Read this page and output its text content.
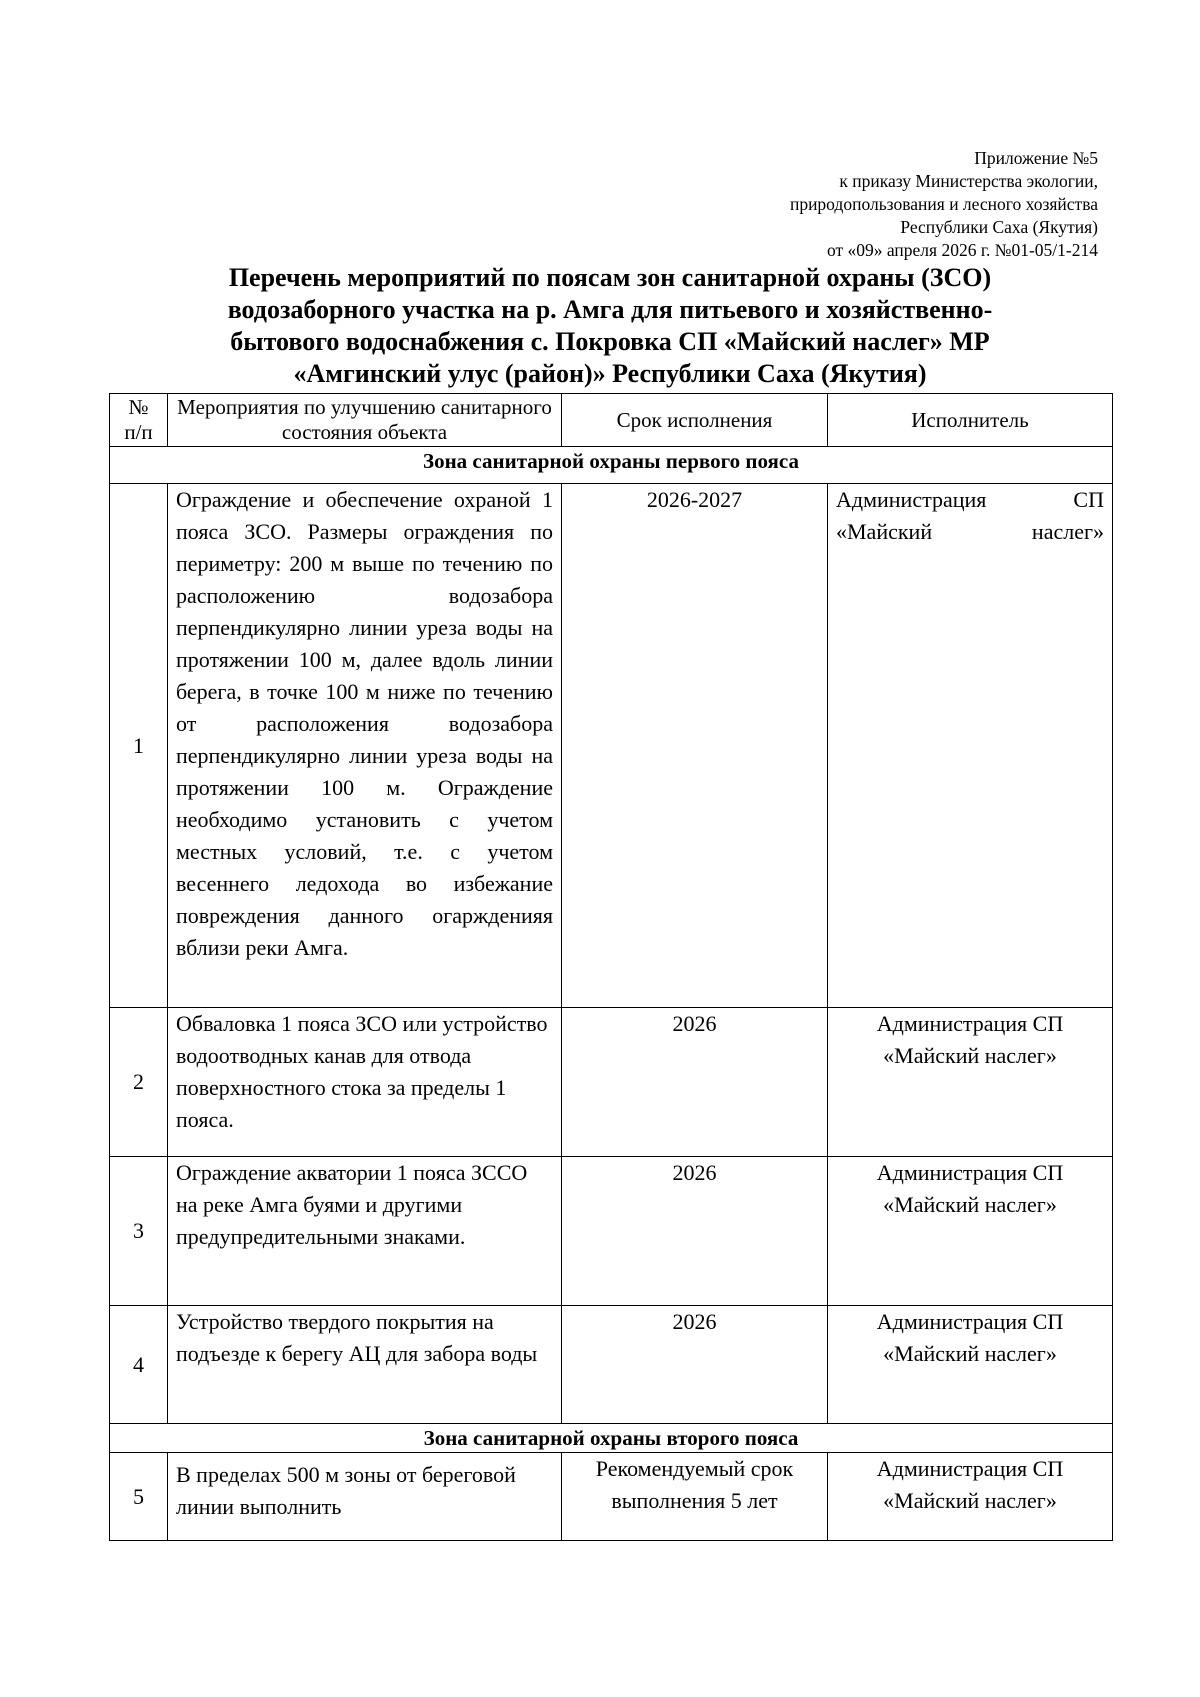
Приложение №5
к приказу Министерства экологии,
природопользования и лесного хозяйства
Республики Саха (Якутия)
от «09» апреля 2026 г. №01-05/1-214
Перечень мероприятий по поясам зон санитарной охраны (ЗСО)
водозаборного участка на р. Амга для питьевого и хозяйственно-
бытового водоснабжения с. Покровка СП «Майский наслег» МР
«Амгинский улус (район)» Республики Саха (Якутия)
№ п/п	Мероприятия по улучшению санитарного состояния объекта	Срок исполнения	Исполнитель
Зона санитарной охраны первого пояса			
1	Ограждение и обеспечение охраной 1 пояса ЗСО. Размеры ограждения по периметру: 200 м выше по течению по расположению водозабора перпендикулярно линии уреза воды на протяжении 100 м, далее вдоль линии берега, в точке 100 м ниже по течению от расположения водозабора перпендикулярно линии уреза воды на протяжении 100 м. Ограждение необходимо установить с учетом местных условий, т.е. с учетом весеннего ледохода во избежание повреждения данного огаржденияя вблизи реки Амга.	2026-2027	Администрация СП «Майский наслег»
2	Обваловка 1 пояса ЗСО или устройство водоотводных канав для отвода поверхностного стока за пределы 1 пояса.	2026	Администрация СП «Майский наслег»
3	Ограждение акватории 1 пояса ЗССО на реке Амга буями и другими предупредительными знаками.	2026	Администрация СП «Майский наслег»
4	Устройство твердого покрытия на подъезде к берегу АЦ для забора воды	2026	Администрация СП «Майский наслег»
Зона санитарной охраны второго пояса			
5	В пределах 500 м зоны от береговой линии выполнить	Рекомендуемый срок выполнения 5 лет	Администрация СП «Майский наслег»
